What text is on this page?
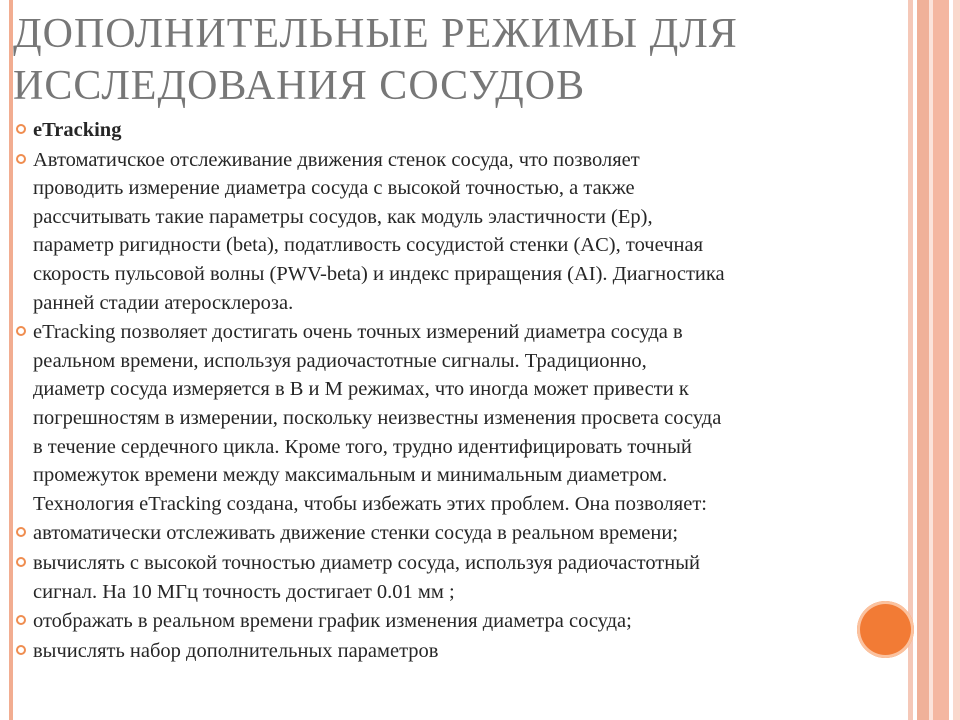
ДОПОЛНИТЕЛЬНЫЕ РЕЖИМЫ ДЛЯ
ИССЛЕДОВАНИЯ СОСУДОВ
eTracking
Автоматичское отслеживание движения стенок сосуда, что позволяет
проводить измерение диаметра сосуда с высокой точностью, а также
рассчитывать такие параметры сосудов, как модуль эластичности (Ep),
параметр ригидности (beta), податливость сосудистой стенки (AC), точечная
скорость пульсовой волны (PWV-beta) и индекс приращения (AI). Диагностика
ранней стадии атеросклероза.
eTracking позволяет достигать очень точных измерений диаметра сосуда в
реальном времени, используя радиочастотные сигналы. Традиционно,
диаметр сосуда измеряется в В и М режимах, что иногда может привести к
погрешностям в измерении, поскольку неизвестны изменения просвета сосуда
в течение сердечного цикла. Кроме того, трудно идентифицировать точный
промежуток времени между максимальным и минимальным диаметром.
Технология eTracking создана, чтобы избежать этих проблем. Она позволяет:
автоматически отслеживать движение стенки сосуда в реальном времени;
вычислять с высокой точностью диаметр сосуда, используя радиочастотный
сигнал. На 10 МГц точность достигает 0.01 мм ;
отображать в реальном времени график изменения диаметра сосуда;
вычислять набор дополнительных параметров
